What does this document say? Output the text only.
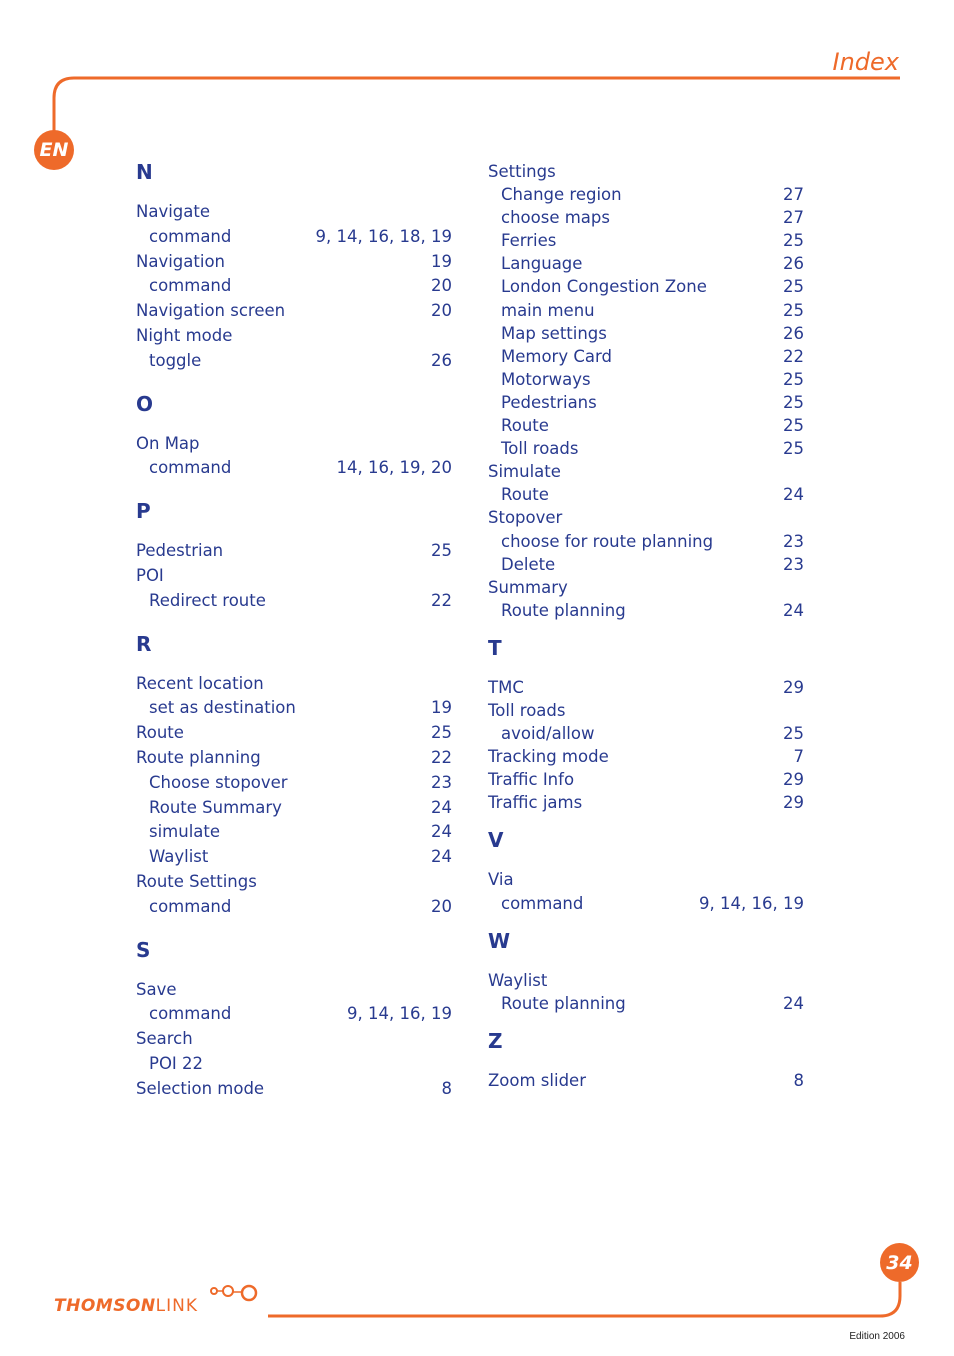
Index
EN
34
N
Navigate
command	9, 14, 16, 18, 19
Navigation	19
command	20
Navigation screen	20
Night mode
toggle	26
O
On Map
command	14, 16, 19, 20
P
Pedestrian	25
POI
Redirect route	22
R
Recent location
set as destination	19
Route	25
Route planning	22
Choose stopover	23
Route Summary	24
simulate	24
Waylist	24
Route Settings
command	20
S
Save
command	9, 14, 16, 19
Search
POI 22
Selection mode	8
Settings
Change region	27
choose maps	27
Ferries	25
Language	26
London Congestion Zone	25
main menu	25
Map settings	26
Memory Card	22
Motorways	25
Pedestrians	25
Route	25
Toll roads	25
Simulate
Route	24
Stopover
choose for route planning	23
Delete	23
Summary
Route planning	24
T
TMC	29
Toll roads
avoid/allow	25
Tracking mode	7
Traffic Info	29
Traffic jams	29
V
Via
command	9, 14, 16, 19
W
Waylist
Route planning	24
Z
Zoom slider	8
THOMSONLINK
Edition 2006
